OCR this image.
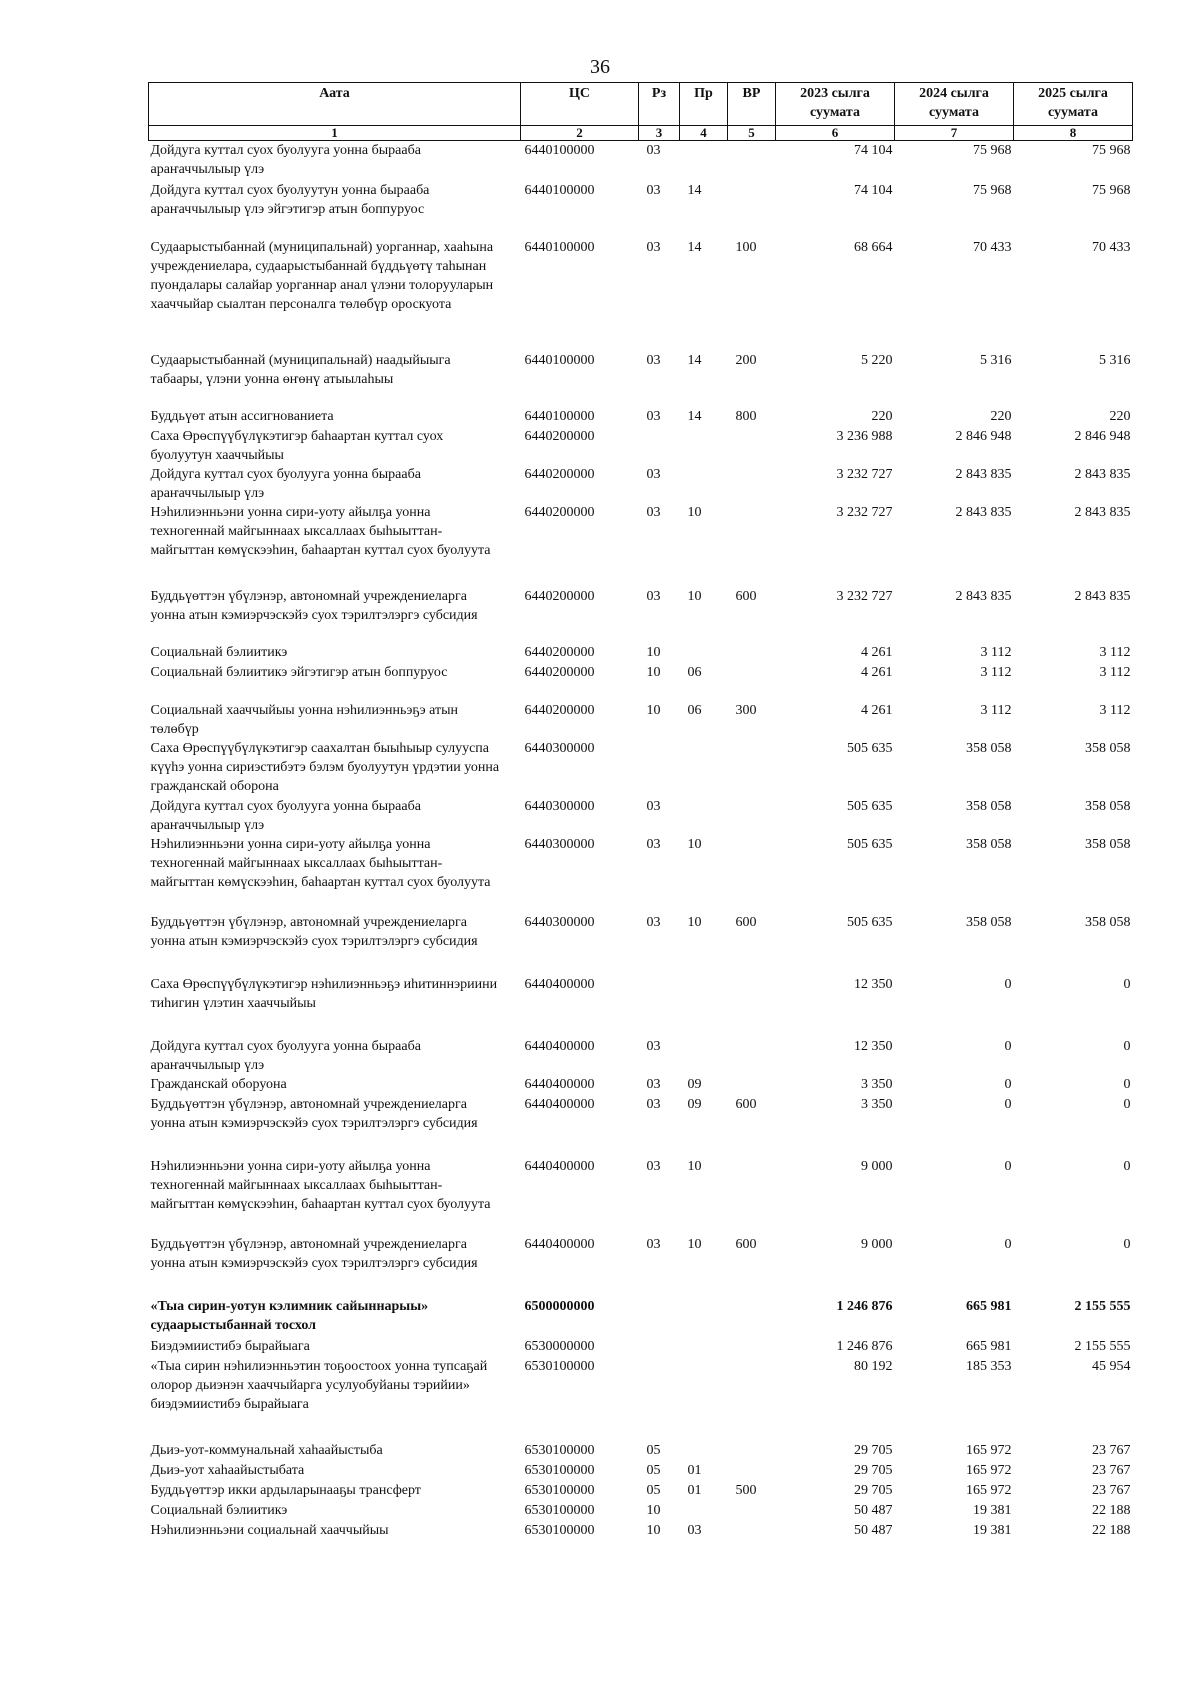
36
Аата	ЦС	Рз	Пр	ВР	2023 сылга суумата	2024 сылга суумата	2025 сылга суумата
1	2	3	4	5	6	7	8
Дойдуга куттал суох буолууга уонна бырааба араҥаччылыыр үлэ	6440100000	03			74 104	75 968	75 968
Дойдуга куттал суох буолуутун уонна бырааба араҥаччылыыр үлэ эйгэтигэр атын боппуруос	6440100000	03	14		74 104	75 968	75 968
Судаарыстыбаннай (муниципальнай) уорганнар, хааһына учреждениелара, судаарыстыбаннай бүддьүөтү таһынан пуондалары салайар уорганнар анал үлэни толорууларын хааччыйар сыалтан персоналга төлөбүр ороскуота	6440100000	03	14	100	68 664	70 433	70 433
Судаарыстыбаннай (муниципальнай) наадыйыыга табаары, үлэни уонна өҥөнү атыылаһыы	6440100000	03	14	200	5 220	5 316	5 316
Буддьүөт атын ассигнованиета	6440100000	03	14	800	220	220	220
Саха Өрөспүүбүлүкэтигэр баһаартан куттал суох буолуутун хааччыйыы	6440200000				3 236 988	2 846 948	2 846 948
Дойдуга куттал суох буолууга уонна бырааба араҥаччылыыр үлэ	6440200000	03			3 232 727	2 843 835	2 843 835
Нэһилиэнньэни уонна сири-уоту айылҕа уонна техногеннай майгыннаах ыксаллаах быһыыттан-майгыттан көмүскээһин, баһаартан куттал суох буолуута	6440200000	03	10		3 232 727	2 843 835	2 843 835
Буддьүөттэн үбүлэнэр, автономнай учреждениеларга уонна атын кэмиэрчэскэйэ суох тэрилтэлэргэ субсидия	6440200000	03	10	600	3 232 727	2 843 835	2 843 835
Социальнай бэлиитикэ	6440200000	10			4 261	3 112	3 112
Социальнай бэлиитикэ эйгэтигэр атын боппуруос	6440200000	10	06		4 261	3 112	3 112
Социальнай хааччыйыы уонна нэһилиэнньэҕэ атын төлөбүр	6440200000	10	06	300	4 261	3 112	3 112
Саха Өрөспүүбүлүкэтигэр саахалтан быыһыыр сулууспа күүһэ уонна сириэстибэтэ бэлэм буолуутун үрдэтии уонна гражданскай оборона	6440300000				505 635	358 058	358 058
Дойдуга куттал суох буолууга уонна бырааба араҥаччылыыр үлэ	6440300000	03			505 635	358 058	358 058
Нэһилиэнньэни уонна сири-уоту айылҕа уонна техногеннай майгыннаах ыксаллаах быһыыттан-майгыттан көмүскээһин, баһаартан куттал суох буолуута	6440300000	03	10		505 635	358 058	358 058
Буддьүөттэн үбүлэнэр, автономнай учреждениеларга уонна атын кэмиэрчэскэйэ суох тэрилтэлэргэ субсидия	6440300000	03	10	600	505 635	358 058	358 058
Саха Өрөспүүбүлүкэтигэр нэһилиэнньэҕэ иһитиннэриини тиһигин үлэтин хааччыйыы	6440400000				12 350	0	0
Дойдуга куттал суох буолууга уонна бырааба араҥаччылыыр үлэ	6440400000	03			12 350	0	0
Гражданскай оборуона	6440400000	03	09		3 350	0	0
Буддьүөттэн үбүлэнэр, автономнай учреждениеларга уонна атын кэмиэрчэскэйэ суох тэрилтэлэргэ субсидия	6440400000	03	09	600	3 350	0	0
Нэһилиэнньэни уонна сири-уоту айылҕа уонна техногеннай майгыннаах ыксаллаах быһыыттан-майгыттан көмүскээһин, баһаартан куттал суох буолуута	6440400000	03	10		9 000	0	0
Буддьүөттэн үбүлэнэр, автономнай учреждениеларга уонна атын кэмиэрчэскэйэ суох тэрилтэлэргэ субсидия	6440400000	03	10	600	9 000	0	0
«Тыа сирин-уотун кэлимник сайыннарыы» судаарыстыбаннай тосхол	6500000000				1 246 876	665 981	2 155 555
Биэдэмиистибэ бырайыага	6530000000				1 246 876	665 981	2 155 555
«Тыа сирин нэһилиэнньэтин тоҕоостоох уонна тупсаҕай олорор дьиэнэн хааччыйарга усулуобуйаны тэрийии» биэдэмиистибэ бырайыага	6530100000				80 192	185 353	45 954
Дьиэ-уот-коммунальнай хаһаайыстыба	6530100000	05			29 705	165 972	23 767
Дьиэ-уот хаһаайыстыбата	6530100000	05	01		29 705	165 972	23 767
Буддьүөттэр икки ардыларынааҕы трансферт	6530100000	05	01	500	29 705	165 972	23 767
Социальнай бэлиитикэ	6530100000	10			50 487	19 381	22 188
Нэһилиэнньэни социальнай хааччыйыы	6530100000	10	03		50 487	19 381	22 188
